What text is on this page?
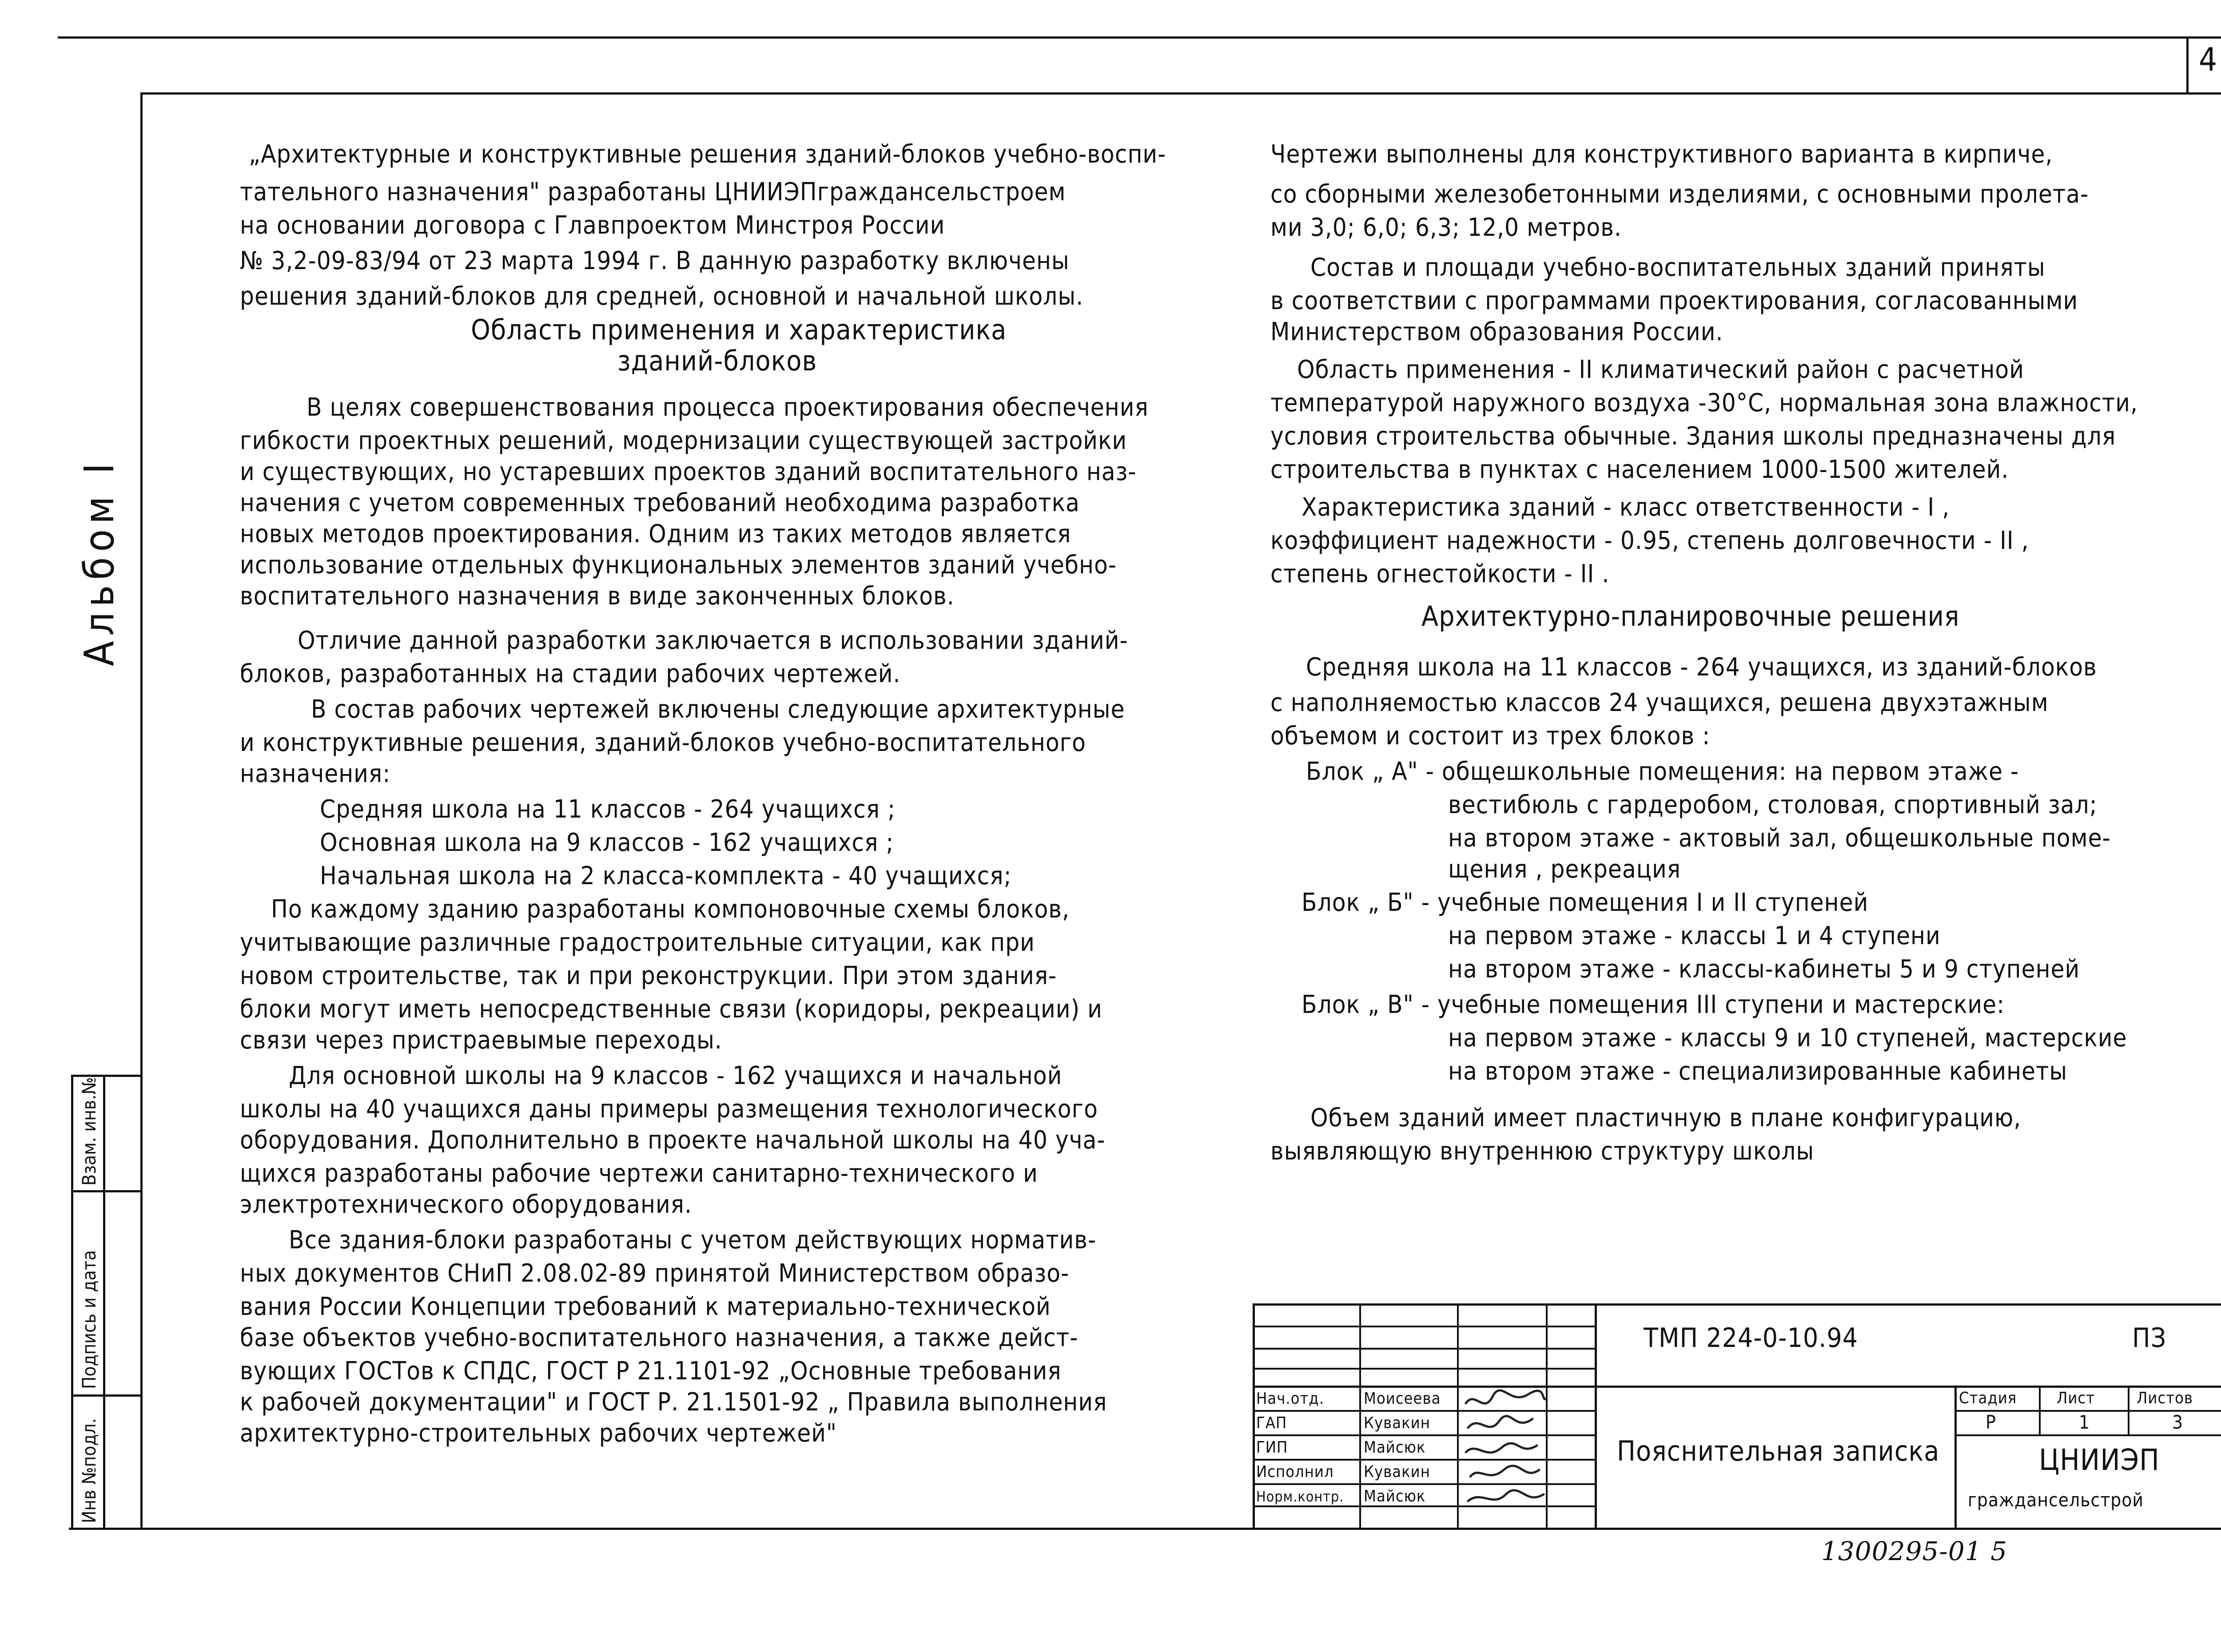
4
Альбом I
Взам. инв.№
Подпись и дата
Инв №подл.
„Архитектурные и конструктивные решения зданий-блоков учебно-воспи-
тательного назначения" разработаны ЦНИИЭПграждансельстроем
на основании договора с Главпроектом Минстроя России
№ 3,2-09-83/94 от 23 марта 1994 г. В данную разработку включены
решения зданий-блоков для средней, основной и начальной школы.
Область применения и характеристика
зданий-блоков
В целях совершенствования процесса проектирования обеспечения
гибкости проектных решений, модернизации существующей застройки
и существующих, но устаревших проектов зданий воспитательного наз-
начения с учетом современных требований необходима разработка
новых методов проектирования. Одним из таких методов является
использование отдельных функциональных элементов зданий учебно-
воспитательного назначения в виде законченных блоков.
Отличие данной разработки заключается в использовании зданий-
блоков, разработанных на стадии рабочих чертежей.
В состав рабочих чертежей включены следующие архитектурные
и конструктивные решения, зданий-блоков учебно-воспитательного
назначения:
Средняя школа на 11 классов - 264 учащихся ;
Основная школа на 9 классов - 162 учащихся ;
Начальная школа на 2 класса-комплекта - 40 учащихся;
По каждому зданию разработаны компоновочные схемы блоков,
учитывающие различные градостроительные ситуации, как при
новом строительстве, так и при реконструкции. При этом здания-
блоки могут иметь непосредственные связи (коридоры, рекреации) и
связи через пристраевымые переходы.
Для основной школы на 9 классов - 162 учащихся и начальной
школы на 40 учащихся даны примеры размещения технологического
оборудования. Дополнительно в проекте начальной школы на 40 уча-
щихся разработаны рабочие чертежи санитарно-технического и
электротехнического оборудования.
Все здания-блоки разработаны с учетом действующих норматив-
ных документов СНиП 2.08.02-89 принятой Министерством образо-
вания России Концепции требований к материально-технической
базе объектов учебно-воспитательного назначения, а также дейст-
вующих ГОСТов к СПДС, ГОСТ Р 21.1101-92 „Основные требования
к рабочей документации" и ГОСТ Р. 21.1501-92 „ Правила выполнения
архитектурно-строительных рабочих чертежей"
Чертежи выполнены для конструктивного варианта в кирпиче,
со сборными железобетонными изделиями, с основными пролета-
ми 3,0; 6,0; 6,3; 12,0 метров.
Состав и площади учебно-воспитательных зданий приняты
в соответствии с программами проектирования, согласованными
Министерством образования России.
Область применения - II климатический район с расчетной
температурой наружного воздуха -30°С, нормальная зона влажности,
условия строительства обычные. Здания школы предназначены для
строительства в пунктах с населением 1000-1500 жителей.
Характеристика зданий - класс ответственности - I ,
коэффициент надежности - 0.95, степень долговечности - II ,
степень огнестойкости - II .
Архитектурно-планировочные решения
Средняя школа на 11 классов - 264 учащихся, из зданий-блоков
с наполняемостью классов 24 учащихся, решена двухэтажным
объемом и состоит из трех блоков :
Блок „ А" - общешкольные помещения: на первом этаже -
вестибюль с гардеробом, столовая, спортивный зал;
на втором этаже - актовый зал, общешкольные поме-
щения , рекреация
Блок „ Б" - учебные помещения I и II ступеней
на первом этаже - классы 1 и 4 ступени
на втором этаже - классы-кабинеты 5 и 9 ступеней
Блок „ В" - учебные помещения III ступени и мастерские:
на первом этаже - классы 9 и 10 ступеней, мастерские
на втором этаже - специализированные кабинеты
Объем зданий имеет пластичную в плане конфигурацию,
выявляющую внутреннюю структуру школы
ТМП 224-0-10.94	ПЗ
Пояснительная записка
Стадия Лист	Листов
Р	1	3
ЦНИИЭП
граждансельстрой
Нач.отд. Моисеева
ГАП	Кувакин
ГИП	Майсюк
Исполнил Кувакин
Норм.контр. Майсюк
1300295-01 5
